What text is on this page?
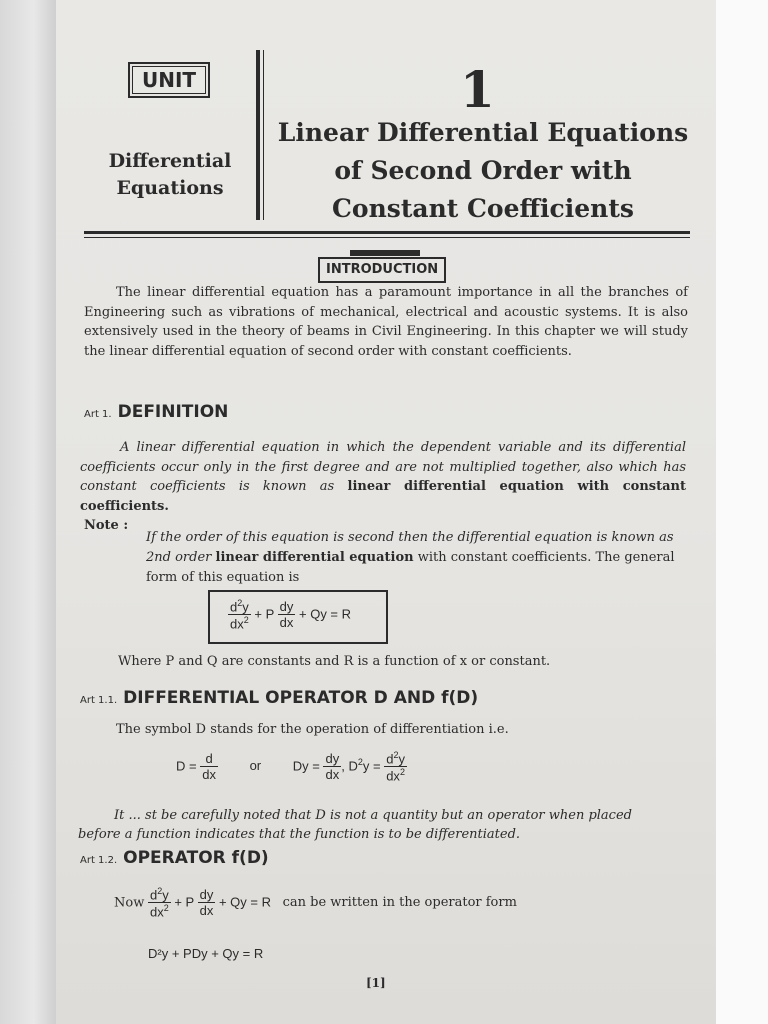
UNIT
Differential
Equations
1
Linear Differential Equations
of Second Order with
Constant Coefficients
INTRODUCTION
The linear differential equation has a paramount importance in all the branches of Engineering such as vibrations of mechanical, electrical and acoustic systems. It is also extensively used in the theory of beams in Civil Engineering. In this chapter we will study the linear differential equation of second order with constant coefficients.
Art 1. DEFINITION
A linear differential equation in which the dependent variable and its differential coefficients occur only in the first degree and are not multiplied together, also which has constant coefficients is known as linear differential equation with constant coefficients.
Note :
If the order of this equation is second then the differential equation is known as 2nd order linear differential equation with constant coefficients. The general form of this equation is
$\frac{d^2y}{dx^2} + P \frac{dy}{dx} + Qy = R$
Where P and Q are constants and R is a function of x or constant.
Art 1.1. DIFFERENTIAL OPERATOR D AND f(D)
The symbol D stands for the operation of differentiation i.e.
$D = \frac{d}{dx}$ or $Dy = \frac{dy}{dx}$ , $D^2y = \frac{d^2y}{dx^2}$
It ... st be carefully noted that D is not a quantity but an operator when placed before a function indicates that the function is to be differentiated.
Art 1.2. OPERATOR f(D)
Now $\frac{d^2y}{dx^2} + P \frac{dy}{dx} + Qy = R$ can be written in the operator form
D²y + PDy + Qy = R
[1]
